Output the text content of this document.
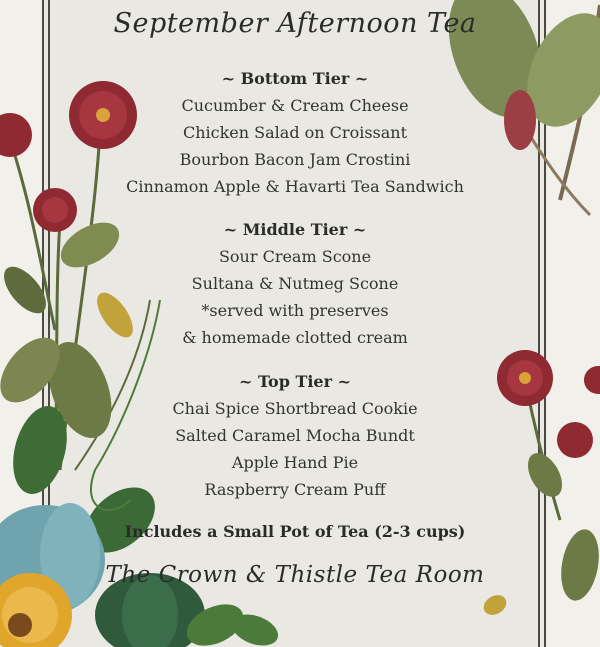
September Afternoon Tea
~ Bottom Tier ~
Cucumber & Cream Cheese
Chicken Salad on Croissant
Bourbon Bacon Jam Crostini
Cinnamon Apple & Havarti Tea Sandwich
~ Middle Tier ~
Sour Cream Scone
Sultana & Nutmeg Scone
*served with preserves
& homemade clotted cream
~ Top Tier ~
Chai Spice Shortbread Cookie
Salted Caramel Mocha Bundt
Apple Hand Pie
Raspberry Cream Puff
Includes a Small Pot of Tea (2-3 cups)
The Crown & Thistle Tea Room
